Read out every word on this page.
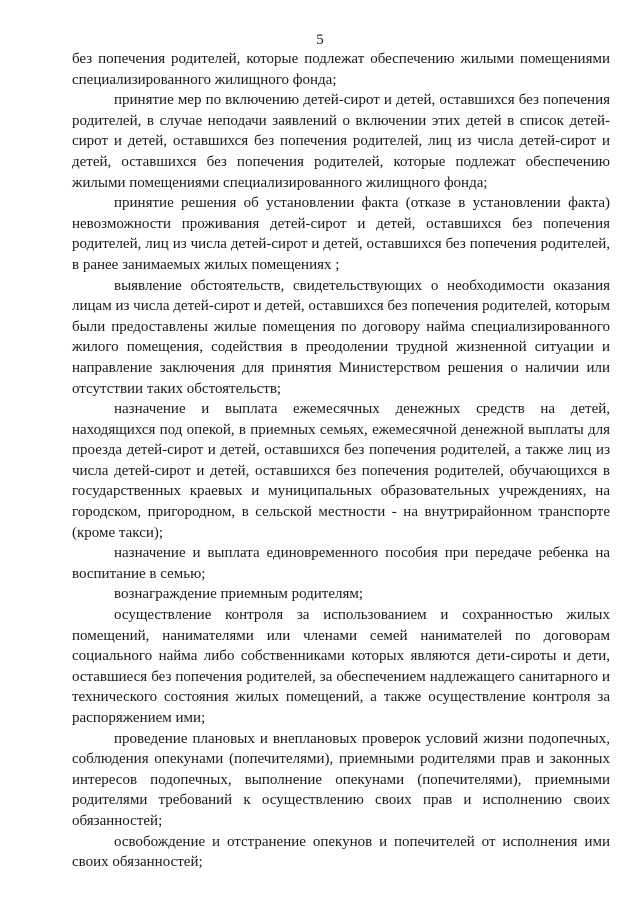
5

без попечения родителей, которые подлежат обеспечению жилыми помещениями специализированного жилищного фонда;

принятие мер по включению детей-сирот и детей, оставшихся без попечения родителей, в случае неподачи заявлений о включении этих детей в список детей-сирот и детей, оставшихся без попечения родителей, лиц из числа детей-сирот и детей, оставшихся без попечения родителей, которые подлежат обеспечению жилыми помещениями специализированного жилищного фонда;

принятие решения об установлении факта (отказе в установлении факта) невозможности проживания детей-сирот и детей, оставшихся без попечения родителей, лиц из числа детей-сирот и детей, оставшихся без попечения родителей, в ранее занимаемых жилых помещениях ;

выявление обстоятельств, свидетельствующих о необходимости оказания лицам из числа детей-сирот и детей, оставшихся без попечения родителей, которым были предоставлены жилые помещения по договору найма специализированного жилого помещения, содействия в преодолении трудной жизненной ситуации и направление заключения для принятия Министерством решения о наличии или отсутствии таких обстоятельств;

назначение и выплата ежемесячных денежных средств на детей, находящихся под опекой, в приемных семьях, ежемесячной денежной выплаты для проезда детей-сирот и детей, оставшихся без попечения родителей, а также лиц из числа детей-сирот и детей, оставшихся без попечения родителей, обучающихся в государственных краевых и муниципальных образовательных учреждениях, на городском, пригородном, в сельской местности - на внутрирайонном транспорте (кроме такси);

назначение и выплата единовременного пособия при передаче ребенка на воспитание в семью;

вознаграждение приемным родителям;

осуществление контроля за использованием и сохранностью жилых помещений, нанимателями или членами семей нанимателей по договорам социального найма либо собственниками которых являются дети-сироты и дети, оставшиеся без попечения родителей, за обеспечением надлежащего санитарного и технического состояния жилых помещений, а также осуществление контроля за распоряжением ими;

проведение плановых и внеплановых проверок условий жизни подопечных, соблюдения опекунами (попечителями), приемными родителями прав и законных интересов подопечных, выполнение опекунами (попечителями), приемными родителями требований к осуществлению своих прав и исполнению своих обязанностей;

освобождение и отстранение опекунов и попечителей от исполнения ими своих обязанностей;
